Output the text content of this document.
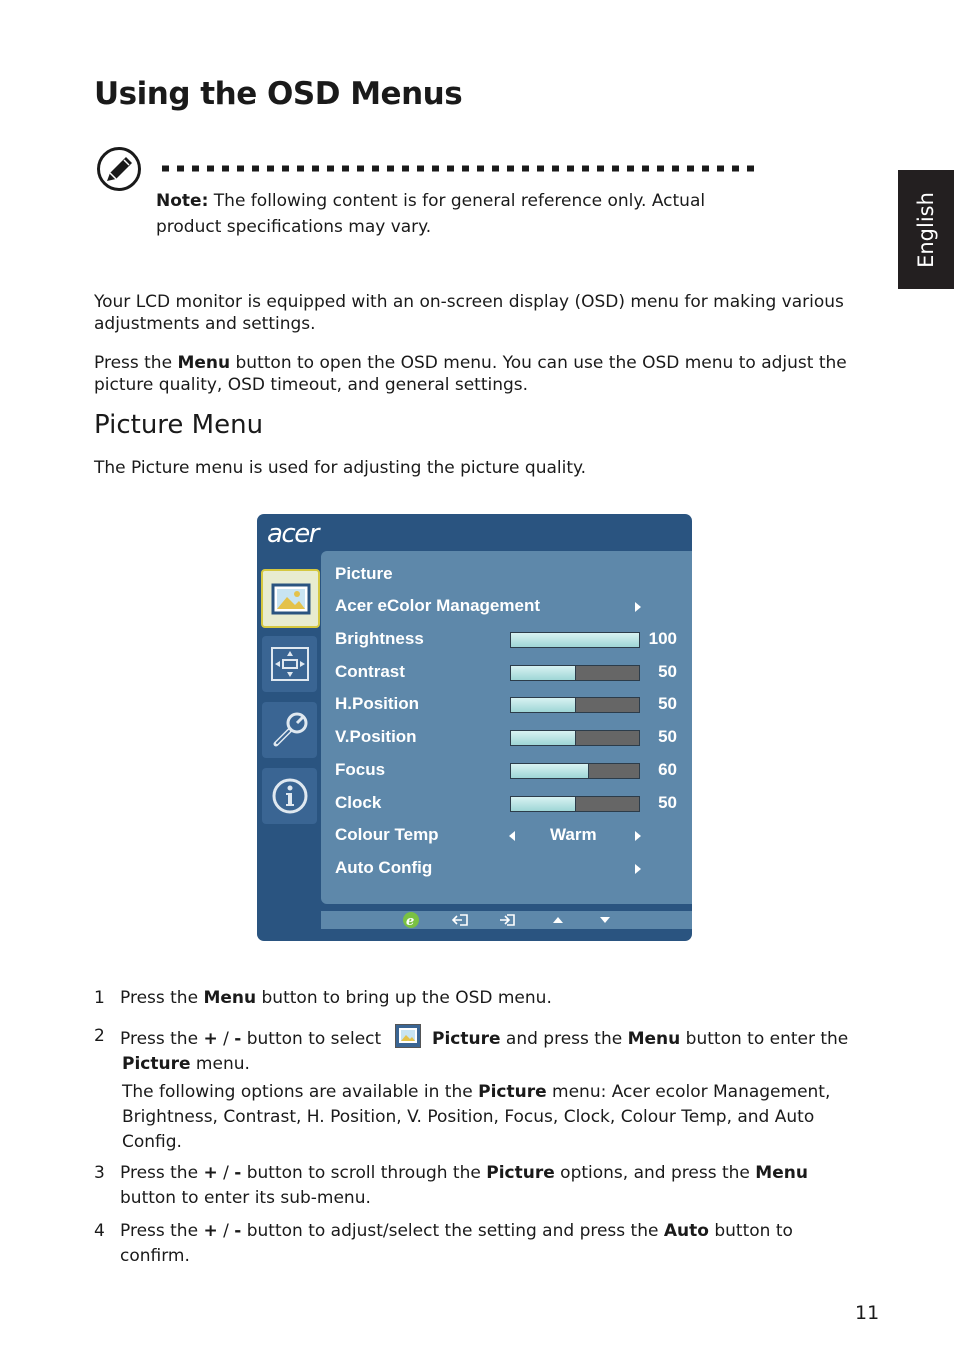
Using the OSD Menus
English
Note: The following content is for general reference only. Actual product specifications may vary.
Your LCD monitor is equipped with an on-screen display (OSD) menu for making various adjustments and settings.
Press the Menu button to open the OSD menu. You can use the OSD menu to adjust the picture quality, OSD timeout, and general settings.
Picture Menu
The Picture menu is used for adjusting the picture quality.
acer
Picture
Acer eColor Management
Brightness	100
Contrast	50
H.Position	50
V.Position	50
Focus	60
Clock	50
Colour Temp	Warm
Auto Config
e
1 Press the Menu button to bring up the OSD menu.
2 Press the + / - button to select	Picture and press the Menu button to enter the Picture menu.
The following options are available in the Picture menu: Acer ecolor Management, Brightness, Contrast, H. Position, V. Position, Focus, Clock, Colour Temp, and Auto Config.
3 Press the + / - button to scroll through the Picture options, and press the Menu button to enter its sub-menu.
4 Press the + / - button to adjust/select the setting and press the Auto button to confirm.
11
